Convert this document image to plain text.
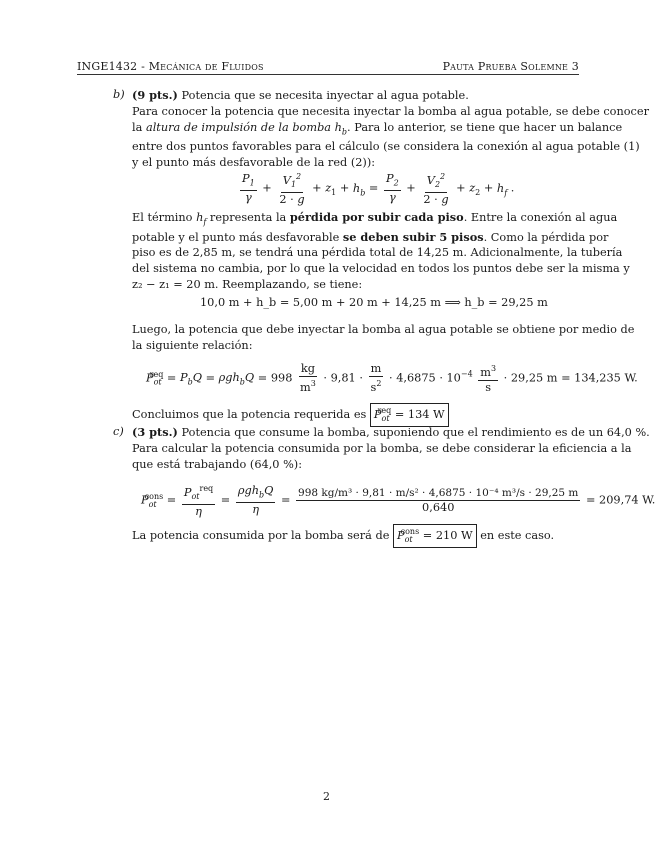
INGE1432 - Mecánica de Fluidos	Pauta Prueba Solemne 3
b) (9 pts.) Potencia que se necesita inyectar al agua potable.
Para conocer la potencia que necesita inyectar la bomba al agua potable, se debe conocer
la altura de impulsión de la bomba $h_b$. Para lo anterior, se tiene que hacer un balance
entre dos puntos favorables para el cálculo (se considera la conexión al agua potable (1)
y el punto más desfavorable de la red (2)):
$\frac{P_1}{\gamma} + \frac{V_1^2}{2 \cdot g} + z_1 + h_b = \frac{P_2}{\gamma} + \frac{V_2^2}{2 \cdot g} + z_2 + h_f$ .
El término $h_f$ representa la pérdida por subir cada piso. Entre la conexión al agua
potable y el punto más desfavorable se deben subir 5 pisos. Como la pérdida por
piso es de 2,85 m, se tendrá una pérdida total de 14,25 m. Adicionalmente, la tubería
del sistema no cambia, por lo que la velocidad en todos los puntos debe ser la misma y
z₂ − z₁ = 20 m. Reemplazando, se tiene:
10,0 m + h_b = 5,00 m + 20 m + 14,25 m ⟹ h_b = 29,25 m
Luego, la potencia que debe inyectar la bomba al agua potable se obtiene por medio de
la siguiente relación:
$P_{ot}^{req} = P_bQ = \rho gh_bQ = 998 \frac{kg}{m^3} \cdot 9,81 \cdot \frac{m}{s^2} \cdot 4,6875 \cdot 10^{-4} \frac{m^3}{s} \cdot 29,25$ m = 134,235 W.
Concluimos que la potencia requerida es $P_{ot}^{req} = 134$ W
c) (3 pts.) Potencia que consume la bomba, suponiendo que el rendimiento es de un 64,0 %.
Para calcular la potencia consumida por la bomba, se debe considerar la eficiencia a la
que está trabajando (64,0 %):
$P_{ot}^{cons} = \frac{P_{ot}^{req}}{\eta} = \frac{\rho gh_bQ}{\eta} = \frac{\text{998 kg/m³ · 9,81 · m/s² · 4,6875 · 10⁻⁴ m³/s · 29,25 m}}{0,640} = 209,74$ W.
La potencia consumida por la bomba será de $P_{ot}^{cons} = 210$ W en este caso.
2
